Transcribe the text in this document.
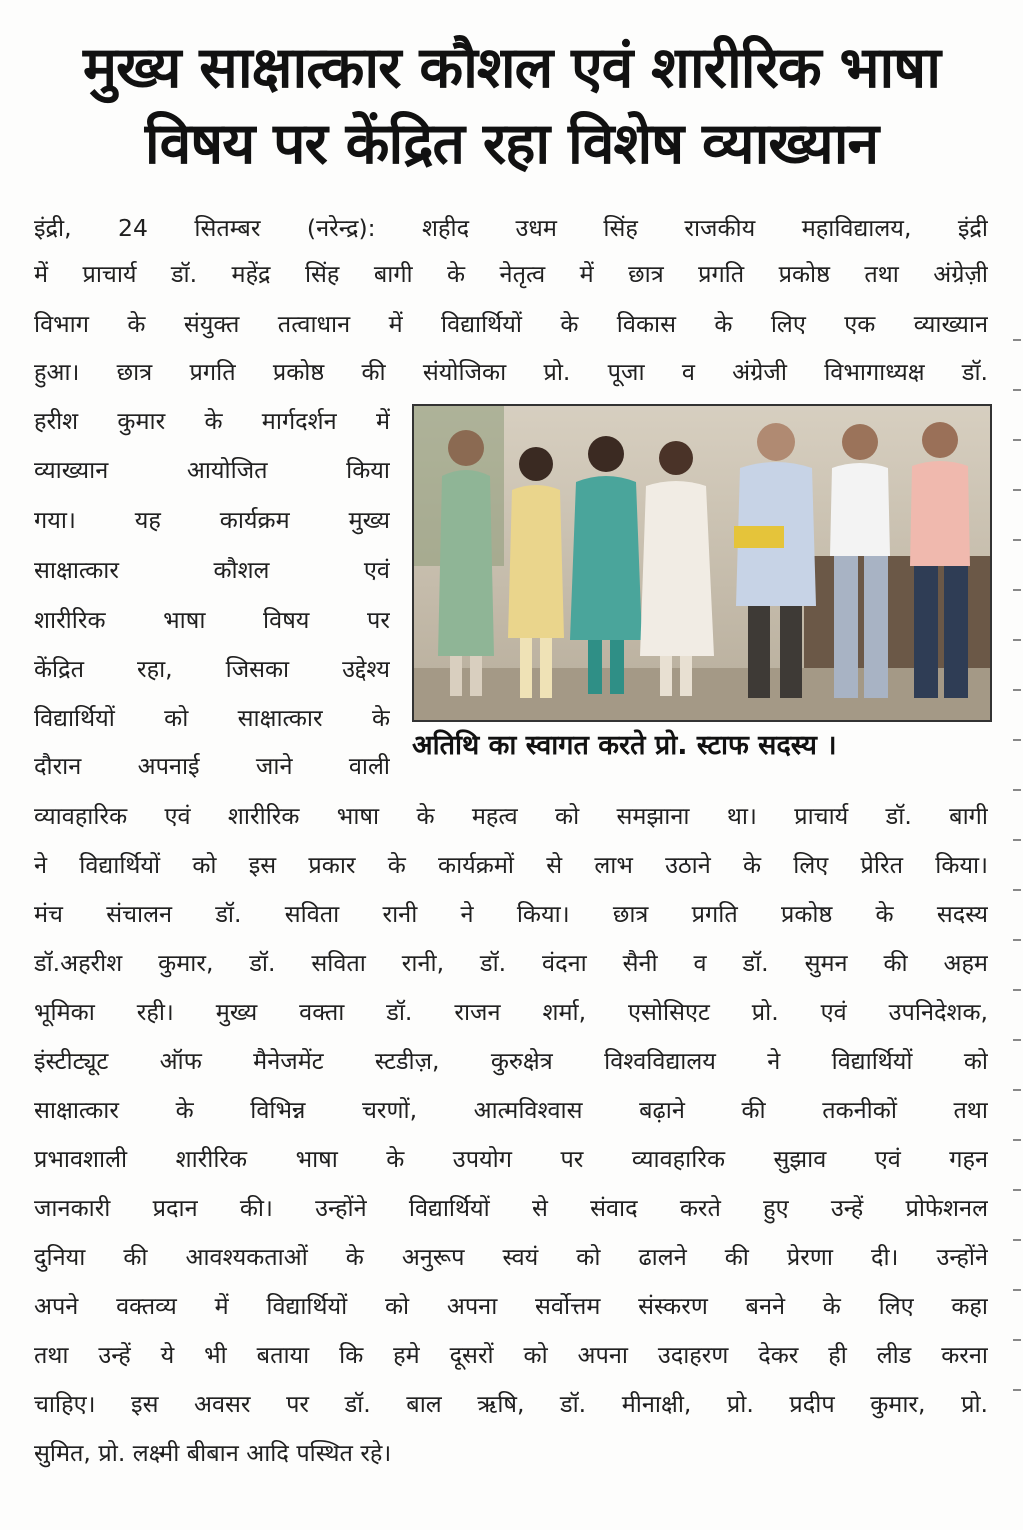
मुख्य साक्षात्कार कौशल एवं शारीरिक भाषा
विषय पर केंद्रित रहा विशेष व्याख्यान
इंद्री, 24 सितम्बर (नरेन्द्र): शहीद उधम सिंह राजकीय महाविद्यालय, इंद्री
में प्राचार्य डॉ. महेंद्र सिंह बागी के नेतृत्व में छात्र प्रगति प्रकोष्ठ तथा अंग्रेज़ी
विभाग के संयुक्त तत्वाधान में विद्यार्थियों के विकास के लिए एक व्याख्यान
हुआ। छात्र प्रगति प्रकोष्ठ की संयोजिका प्रो. पूजा व अंग्रेजी विभागाध्यक्ष डॉ.
हरीश कुमार के मार्गदर्शन में
व्याख्यान आयोजित किया
गया। यह कार्यक्रम मुख्य
साक्षात्कार कौशल एवं
शारीरिक भाषा विषय पर
केंद्रित रहा, जिसका उद्देश्य
विद्यार्थियों को साक्षात्कार के
दौरान अपनाई जाने वाली
अतिथि का स्वागत करते प्रो. स्टाफ सदस्य ।
व्यावहारिक एवं शारीरिक भाषा के महत्व को समझाना था। प्राचार्य डॉ. बागी
ने विद्यार्थियों को इस प्रकार के कार्यक्रमों से लाभ उठाने के लिए प्रेरित किया।
मंच संचालन डॉ. सविता रानी ने किया। छात्र प्रगति प्रकोष्ठ के सदस्य
डॉ.अहरीश कुमार, डॉ. सविता रानी, डॉ. वंदना सैनी व डॉ. सुमन की अहम
भूमिका रही। मुख्य वक्ता डॉ. राजन शर्मा, एसोसिएट प्रो. एवं उपनिदेशक,
इंस्टीट्यूट ऑफ मैनेजमेंट स्टडीज़, कुरुक्षेत्र विश्वविद्यालय ने विद्यार्थियों को
साक्षात्कार के विभिन्न चरणों, आत्मविश्वास बढ़ाने की तकनीकों तथा
प्रभावशाली शारीरिक भाषा के उपयोग पर व्यावहारिक सुझाव एवं गहन
जानकारी प्रदान की। उन्होंने विद्यार्थियों से संवाद करते हुए उन्हें प्रोफेशनल
दुनिया की आवश्यकताओं के अनुरूप स्वयं को ढालने की प्रेरणा दी। उन्होंने
अपने वक्तव्य में विद्यार्थियों को अपना सर्वोत्तम संस्करण बनने के लिए कहा
तथा उन्हें ये भी बताया कि हमे दूसरों को अपना उदाहरण देकर ही लीड करना
चाहिए। इस अवसर पर डॉ. बाल ऋषि, डॉ. मीनाक्षी, प्रो. प्रदीप कुमार, प्रो.
सुमित, प्रो. लक्ष्मी बीबान आदि पस्थित रहे।
